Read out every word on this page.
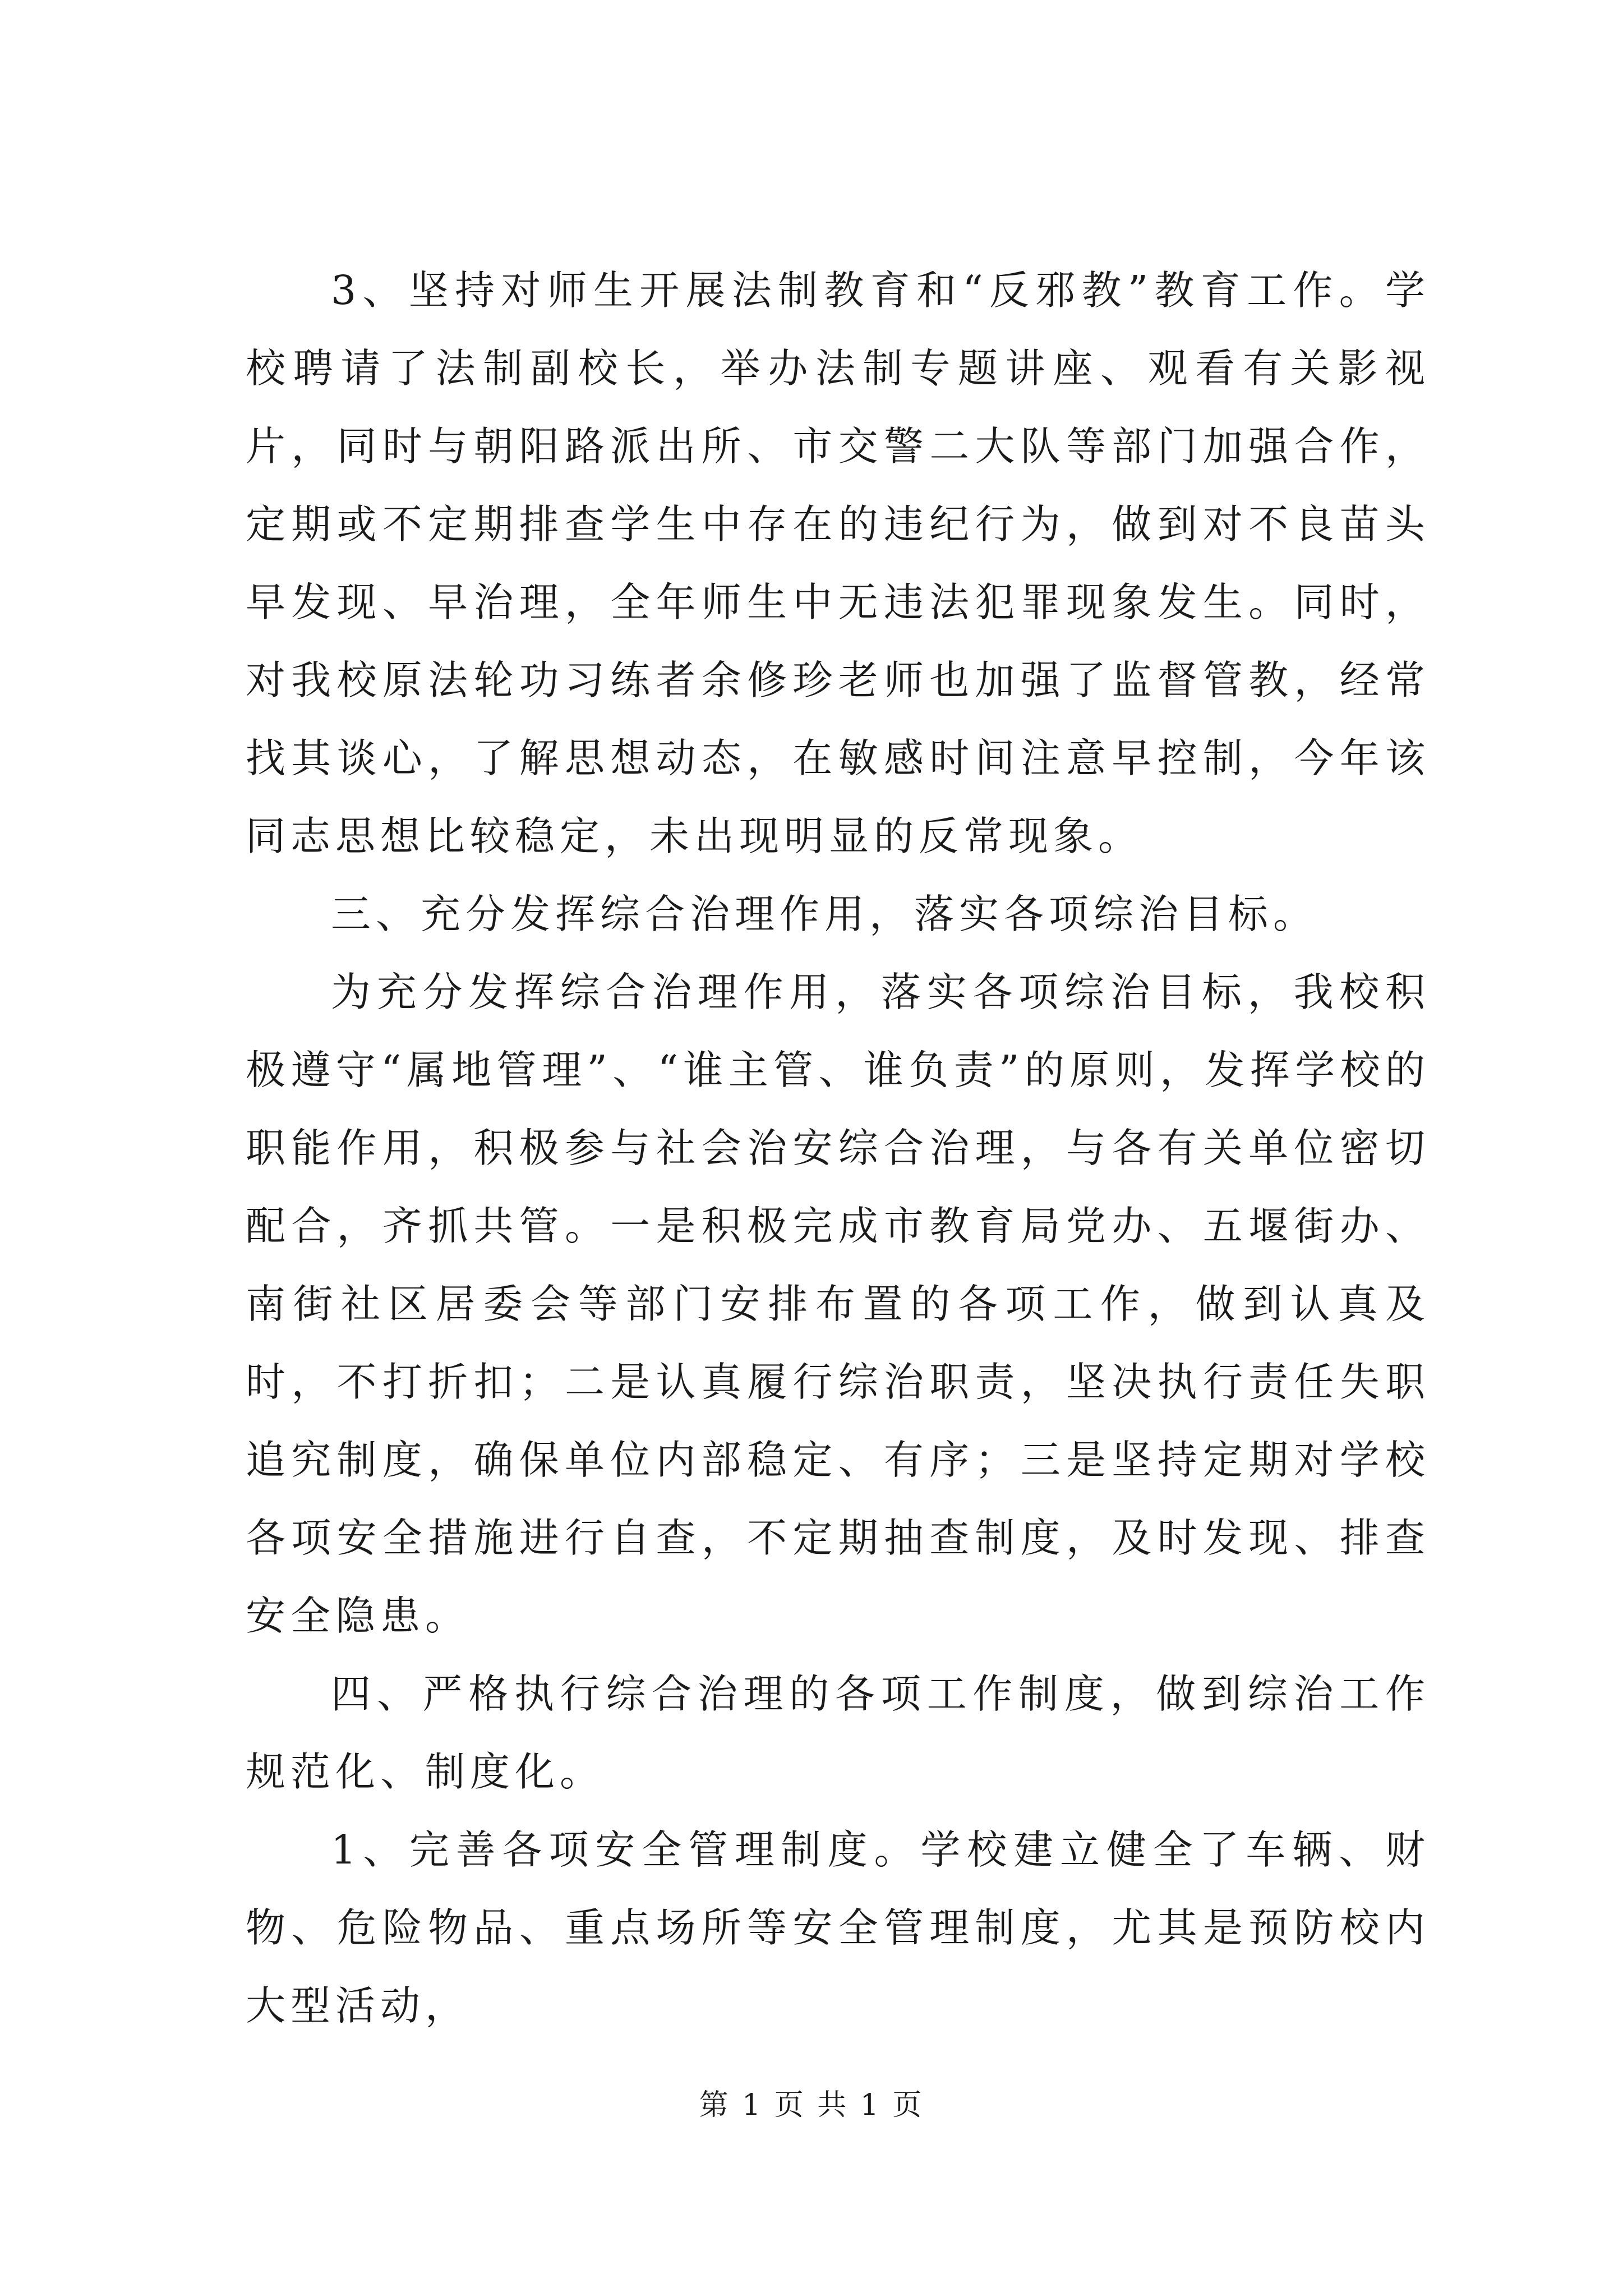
3、坚持对师生开展法制教育和“反邪教”教育工作。学校聘请了法制副校长，举办法制专题讲座、观看有关影视片，同时与朝阳路派出所、市交警二大队等部门加强合作，定期或不定期排查学生中存在的违纪行为，做到对不良苗头早发现、早治理，全年师生中无违法犯罪现象发生。同时，对我校原法轮功习练者余修珍老师也加强了监督管教，经常找其谈心，了解思想动态，在敏感时间注意早控制，今年该同志思想比较稳定，未出现明显的反常现象。

三、充分发挥综合治理作用，落实各项综治目标。

为充分发挥综合治理作用，落实各项综治目标，我校积极遵守“属地管理”、“谁主管、谁负责”的原则，发挥学校的职能作用，积极参与社会治安综合治理，与各有关单位密切配合，齐抓共管。一是积极完成市教育局党办、五堰街办、南街社区居委会等部门安排布置的各项工作，做到认真及时，不打折扣；二是认真履行综治职责，坚决执行责任失职追究制度，确保单位内部稳定、有序；三是坚持定期对学校各项安全措施进行自查，不定期抽查制度，及时发现、排查安全隐患。

四、严格执行综合治理的各项工作制度，做到综治工作规范化、制度化。

1、完善各项安全管理制度。学校建立健全了车辆、财物、危险物品、重点场所等安全管理制度，尤其是预防校内大型活动，

第 1 页 共 1 页
